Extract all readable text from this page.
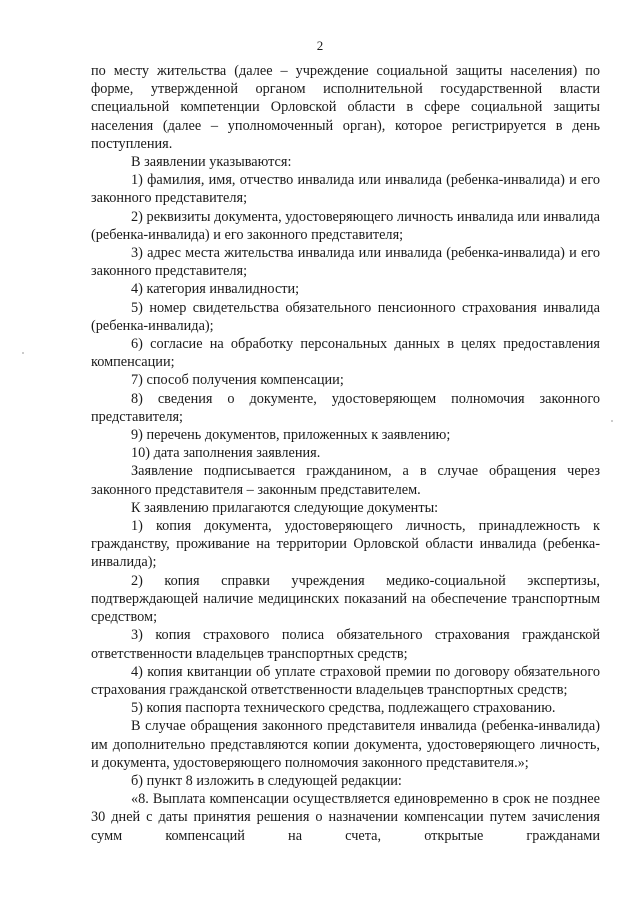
2

по месту жительства (далее – учреждение социальной защиты населения) по форме, утвержденной органом исполнительной государственной власти специальной компетенции Орловской области в сфере социальной защиты населения (далее – уполномоченный орган), которое регистрируется в день поступления.

В заявлении указываются:

1) фамилия, имя, отчество инвалида или инвалида (ребенка-инвалида) и его законного представителя;

2) реквизиты документа, удостоверяющего личность инвалида или инвалида (ребенка-инвалида) и его законного представителя;

3) адрес места жительства инвалида или инвалида (ребенка-инвалида) и его законного представителя;

4) категория инвалидности;

5) номер свидетельства обязательного пенсионного страхования инвалида (ребенка-инвалида);

6) согласие на обработку персональных данных в целях предоставления компенсации;

7) способ получения компенсации;

8) сведения о документе, удостоверяющем полномочия законного представителя;

9) перечень документов, приложенных к заявлению;

10) дата заполнения заявления.

Заявление подписывается гражданином, а в случае обращения через законного представителя – законным представителем.

К заявлению прилагаются следующие документы:

1) копия документа, удостоверяющего личность, принадлежность к гражданству, проживание на территории Орловской области инвалида (ребенка-инвалида);

2) копия справки учреждения медико-социальной экспертизы, подтверждающей наличие медицинских показаний на обеспечение транспортным средством;

3) копия страхового полиса обязательного страхования гражданской ответственности владельцев транспортных средств;

4) копия квитанции об уплате страховой премии по договору обязательного страхования гражданской ответственности владельцев транспортных средств;

5) копия паспорта технического средства, подлежащего страхованию.

В случае обращения законного представителя инвалида (ребенка-инвалида) им дополнительно представляются копии документа, удостоверяющего личность, и документа, удостоверяющего полномочия законного представителя.»;

б) пункт 8 изложить в следующей редакции:

«8. Выплата компенсации осуществляется единовременно в срок не позднее 30 дней с даты принятия решения о назначении компенсации путем зачисления сумм компенсаций на счета, открытые гражданами
